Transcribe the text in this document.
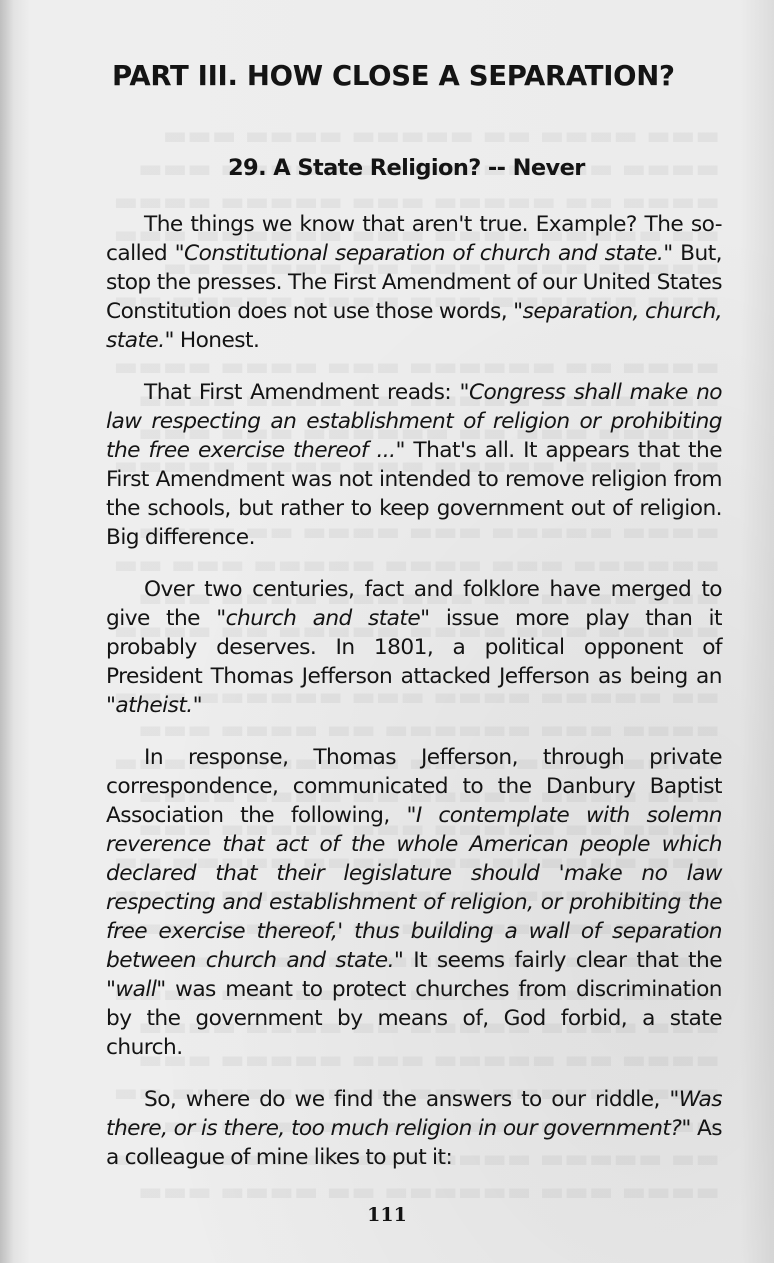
PART III. HOW CLOSE A SEPARATION?
29. A State Religion? -- Never

The things we know that aren't true. Example? The so-called "Constitutional separation of church and state." But, stop the presses. The First Amendment of our United States Constitution does not use those words, "separation, church, state." Honest.

That First Amendment reads: "Congress shall make no law respecting an establishment of religion or prohibiting the free exercise thereof ..." That's all. It appears that the First Amendment was not intended to remove religion from the schools, but rather to keep government out of religion. Big difference.

Over two centuries, fact and folklore have merged to give the "church and state" issue more play than it probably deserves. In 1801, a political opponent of President Thomas Jefferson attacked Jefferson as being an "atheist."

In response, Thomas Jefferson, through private correspondence, communicated to the Danbury Baptist Association the following, "I contemplate with solemn reverence that act of the whole American people which declared that their legislature should 'make no law respecting and establishment of religion, or prohibiting the free exercise thereof,' thus building a wall of separation between church and state." It seems fairly clear that the "wall" was meant to protect churches from discrimination by the government by means of, God forbid, a state church.

So, where do we find the answers to our riddle, "Was there, or is there, too much religion in our government?" As a colleague of mine likes to put it:

111
